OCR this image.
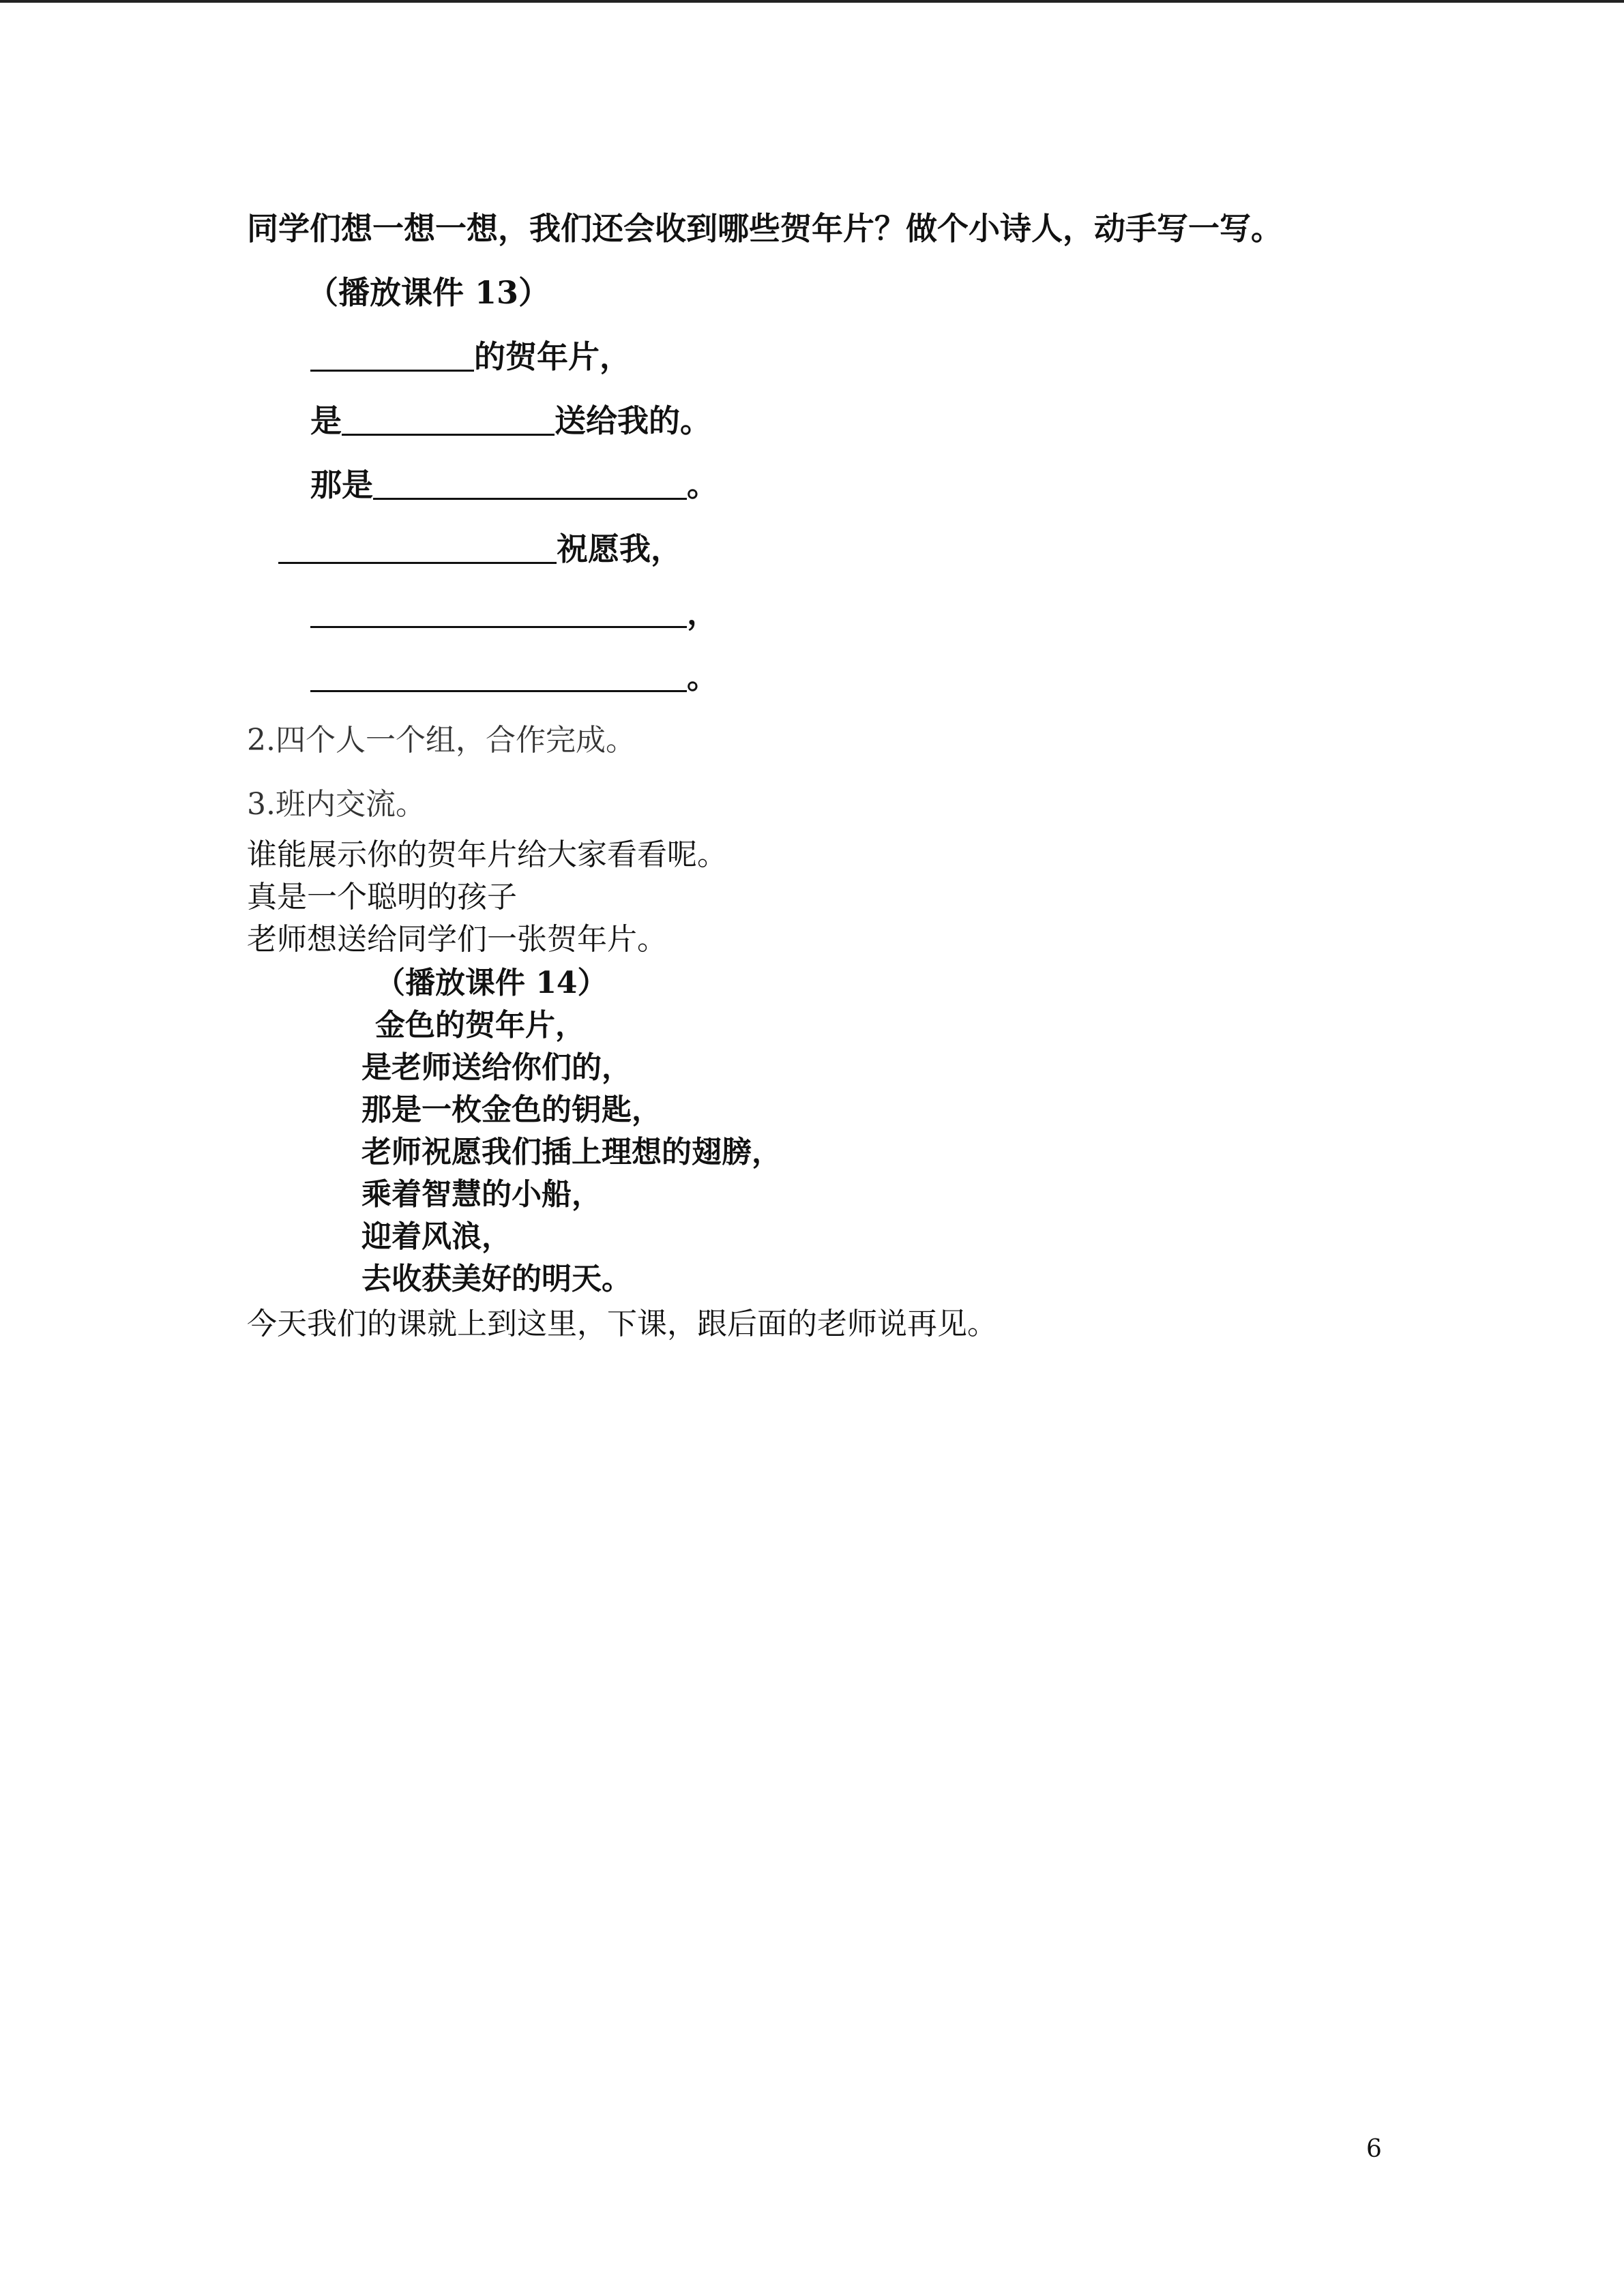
同学们想一想一想，我们还会收到哪些贺年片？做个小诗人，动手写一写。
（播放课件 13）
的贺年片，
是	送给我的。
那是	。
祝愿我，
，
。
2.四个人一个组，合作完成。
3.班内交流。
谁能展示你的贺年片给大家看看呢。
真是一个聪明的孩子
老师想送给同学们一张贺年片。
（播放课件 14）
金色的贺年片，
是老师送给你们的，
那是一枚金色的钥匙，
老师祝愿我们插上理想的翅膀，
乘着智慧的小船，
迎着风浪，
去收获美好的明天。
今天我们的课就上到这里，下课，跟后面的老师说再见。
6
